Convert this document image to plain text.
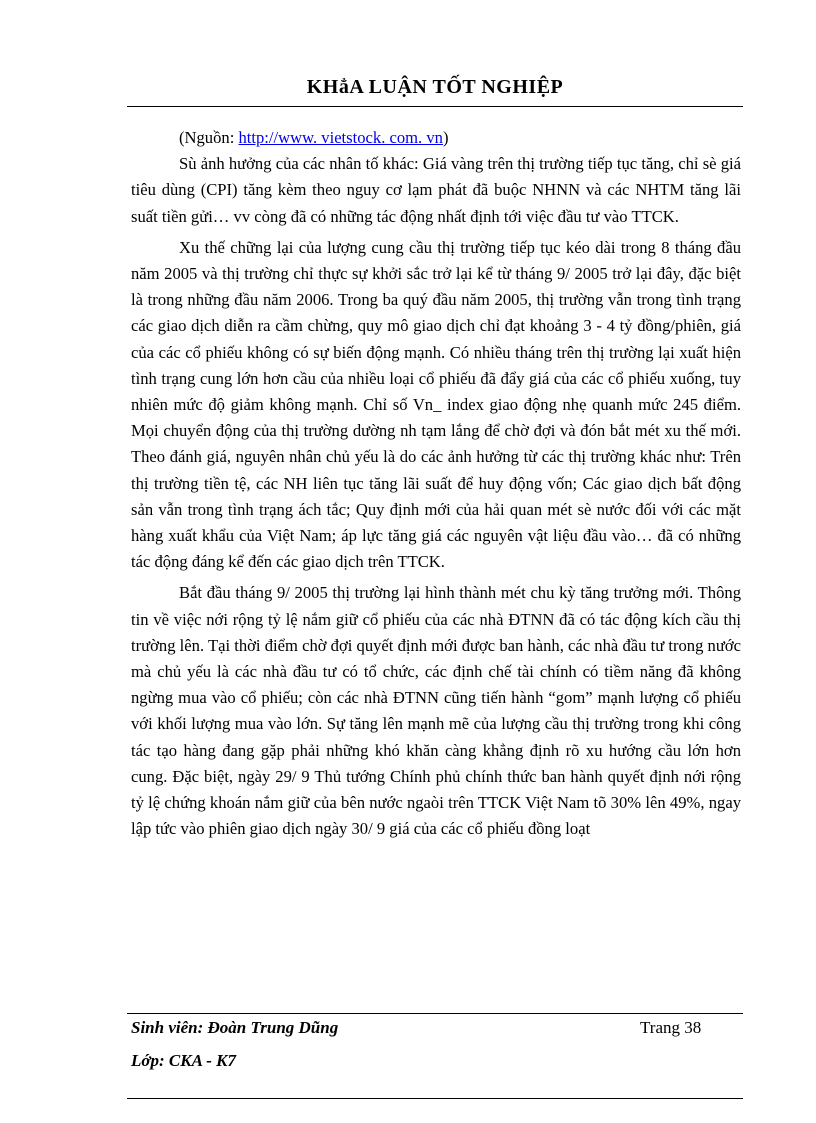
KHẳA LUẬN TỐT NGHIỆP

(Nguồn: http://www. vietstock. com. vn)

Sù ảnh hưởng của các nhân tố khác: Giá vàng trên thị trường tiếp tục tăng, chỉ sè giá tiêu dùng (CPI) tăng kèm theo nguy cơ lạm phát đã buộc NHNN và các NHTM tăng lãi suất tiền gửi… vv còng đã có những tác động nhất định tới việc đầu tư vào TTCK.

Xu thế chững lại của lượng cung cầu thị trường tiếp tục kéo dài trong 8 tháng đầu năm 2005 và thị trường chỉ thực sự khởi sắc trở lại kể từ tháng 9/ 2005 trở lại đây, đặc biệt là trong những đầu năm 2006. Trong ba quý đầu năm 2005, thị trường vẫn trong tình trạng các giao dịch diễn ra cầm chừng, quy mô giao dịch chỉ đạt khoảng 3 - 4 tỷ đồng/phiên, giá của các cổ phiếu không có sự biến động mạnh. Có nhiều tháng trên thị trường lại xuất hiện tình trạng cung lớn hơn cầu của nhiều loại cổ phiếu đã đẩy giá của các cổ phiếu xuống, tuy nhiên mức độ giảm không mạnh. Chỉ số Vn_ index giao động nhẹ quanh mức 245 điểm. Mọi chuyển động của thị trường dường nh tạm lắng để chờ đợi và đón bắt mét xu thế mới. Theo đánh giá, nguyên nhân chủ yếu là do các ảnh hưởng từ các thị trường khác như: Trên thị trường tiền tệ, các NH liên tục tăng lãi suất để huy động vốn; Các giao dịch bất động sản vẫn trong tình trạng ách tắc; Quy định mới của hải quan mét sè nước đối với các mặt hàng xuất khẩu của Việt Nam; áp lực tăng giá các nguyên vật liệu đầu vào… đã có những tác động đáng kể đến các giao dịch trên TTCK.

Bắt đầu tháng 9/ 2005 thị trường lại hình thành mét chu kỳ tăng trưởng mới. Thông tin về việc nới rộng tỷ lệ nắm giữ cổ phiếu của các nhà ĐTNN đã có tác động kích cầu thị trường lên. Tại thời điểm chờ đợi quyết định mới được ban hành, các nhà đầu tư trong nước mà chủ yếu là các nhà đầu tư có tổ chức, các định chế tài chính có tiềm năng đã không ngừng mua vào cổ phiếu; còn các nhà ĐTNN cũng tiến hành “gom” mạnh lượng cổ phiếu với khối lượng mua vào lớn. Sự tăng lên mạnh mẽ của lượng cầu thị trường trong khi công tác tạo hàng đang gặp phải những khó khăn càng khẳng định rõ xu hướng cầu lớn hơn cung. Đặc biệt, ngày 29/ 9 Thủ tướng Chính phủ chính thức ban hành quyết định nới rộng tỷ lệ chứng khoán nắm giữ của bên nước ngaòi trên TTCK Việt Nam tõ 30% lên 49%, ngay lập tức vào phiên giao dịch ngày 30/ 9 giá của các cổ phiếu đồng loạt

Sinh viên: Đoàn Trung Dũng	Trang 38
Lớp: CKA - K7
